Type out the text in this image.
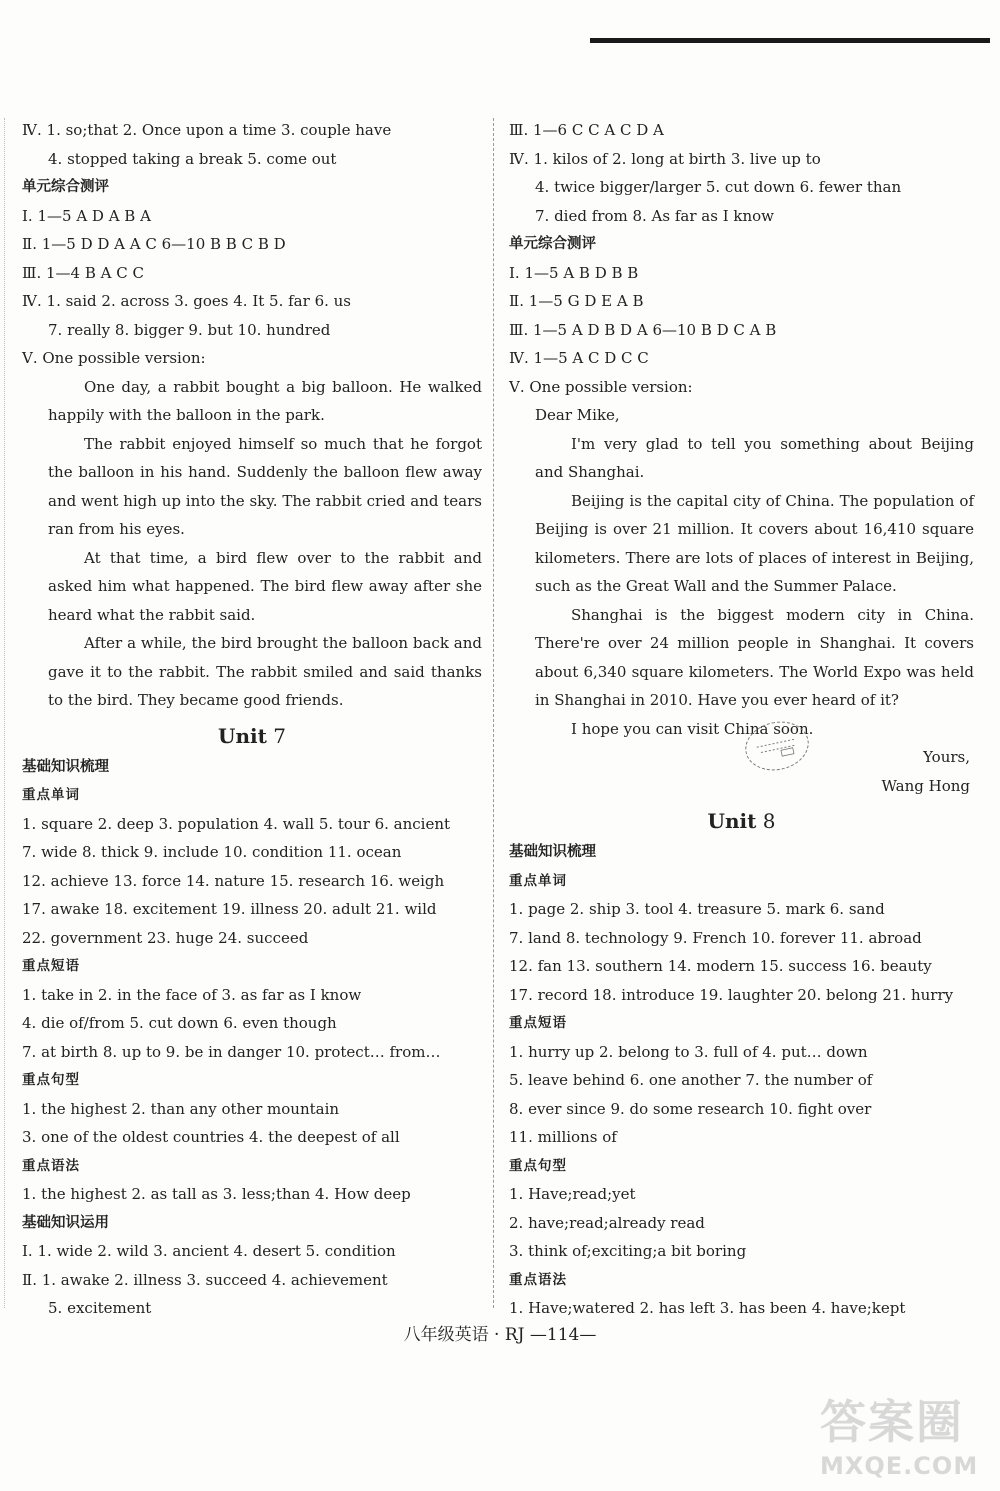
Ⅳ. 1. so;that 2. Once upon a time 3. couple have
4. stopped taking a break 5. come out
单元综合测评
Ⅰ. 1—5 A D A B A
Ⅱ. 1—5 D D A A C 6—10 B B C B D
Ⅲ. 1—4 B A C C
Ⅳ. 1. said 2. across 3. goes 4. It 5. far 6. us
7. really 8. bigger 9. but 10. hundred
Ⅴ. One possible version:
One day, a rabbit bought a big balloon. He walked happily with the balloon in the park.
The rabbit enjoyed himself so much that he forgot the balloon in his hand. Suddenly the balloon flew away and went high up into the sky. The rabbit cried and tears ran from his eyes.
At that time, a bird flew over to the rabbit and asked him what happened. The bird flew away after she heard what the rabbit said.
After a while, the bird brought the balloon back and gave it to the rabbit. The rabbit smiled and said thanks to the bird. They became good friends.
Unit 7
基础知识梳理
重点单词
1. square 2. deep 3. population 4. wall 5. tour 6. ancient
7. wide 8. thick 9. include 10. condition 11. ocean
12. achieve 13. force 14. nature 15. research 16. weigh
17. awake 18. excitement 19. illness 20. adult 21. wild
22. government 23. huge 24. succeed
重点短语
1. take in 2. in the face of 3. as far as I know
4. die of/from 5. cut down 6. even though
7. at birth 8. up to 9. be in danger 10. protect… from…
重点句型
1. the highest 2. than any other mountain
3. one of the oldest countries 4. the deepest of all
重点语法
1. the highest 2. as tall as 3. less;than 4. How deep
基础知识运用
Ⅰ. 1. wide 2. wild 3. ancient 4. desert 5. condition
Ⅱ. 1. awake 2. illness 3. succeed 4. achievement
5. excitement
Ⅲ. 1—6 C C A C D A
Ⅳ. 1. kilos of 2. long at birth 3. live up to
4. twice bigger/larger 5. cut down 6. fewer than
7. died from 8. As far as I know
单元综合测评
Ⅰ. 1—5 A B D B B
Ⅱ. 1—5 G D E A B
Ⅲ. 1—5 A D B D A 6—10 B D C A B
Ⅳ. 1—5 A C D C C
Ⅴ. One possible version:
Dear Mike,
I'm very glad to tell you something about Beijing and Shanghai.
Beijing is the capital city of China. The population of Beijing is over 21 million. It covers about 16,410 square kilometers. There are lots of places of interest in Beijing, such as the Great Wall and the Summer Palace.
Shanghai is the biggest modern city in China. There're over 24 million people in Shanghai. It covers about 6,340 square kilometers. The World Expo was held in Shanghai in 2010. Have you ever heard of it?
I hope you can visit China soon.
Yours,
Wang Hong
Unit 8
基础知识梳理
重点单词
1. page 2. ship 3. tool 4. treasure 5. mark 6. sand
7. land 8. technology 9. French 10. forever 11. abroad
12. fan 13. southern 14. modern 15. success 16. beauty
17. record 18. introduce 19. laughter 20. belong 21. hurry
重点短语
1. hurry up 2. belong to 3. full of 4. put… down
5. leave behind 6. one another 7. the number of
8. ever since 9. do some research 10. fight over
11. millions of
重点句型
1. Have;read;yet
2. have;read;already read
3. think of;exciting;a bit boring
重点语法
1. Have;watered 2. has left 3. has been 4. have;kept
八年级英语 · RJ —114—
答案圈
MXQE.COM
